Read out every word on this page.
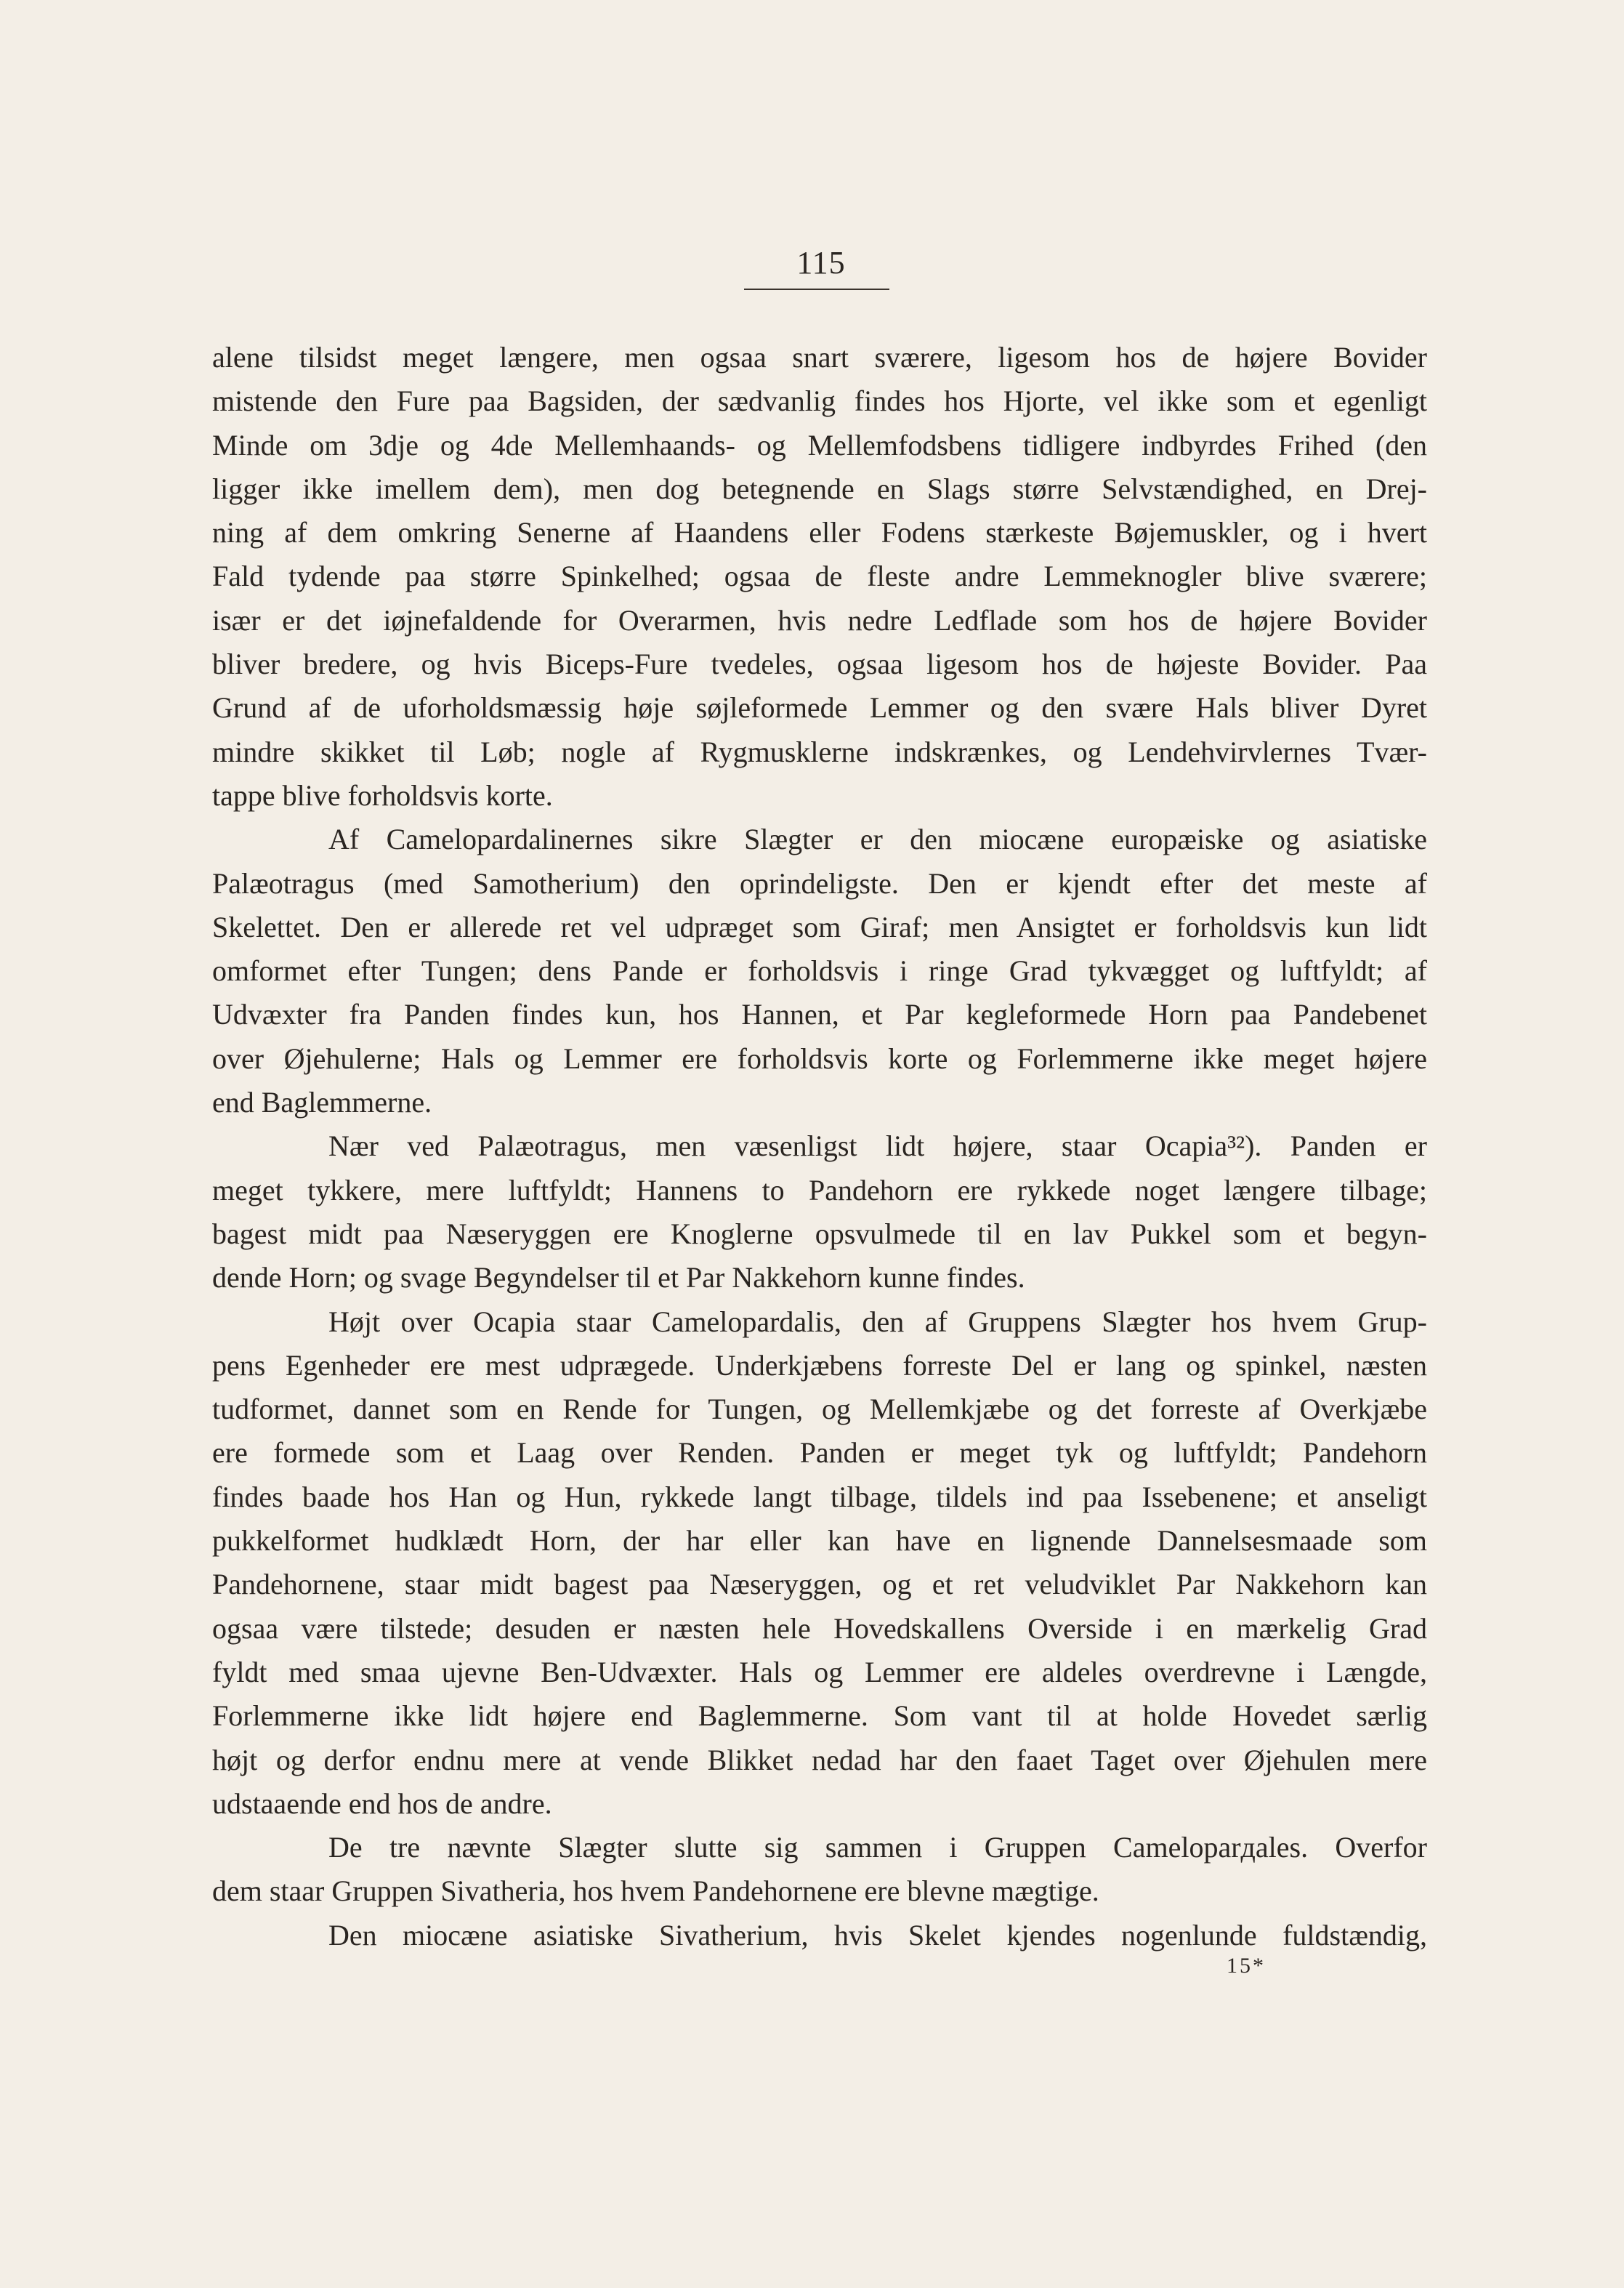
115
alene tilsidst meget længere, men ogsaa snart sværere, ligesom hos de højere Bovider
mistende den Fure paa Bagsiden, der sædvanlig findes hos Hjorte, vel ikke som et egenligt
Minde om 3dje og 4de Mellemhaands- og Mellemfodsbens tidligere indbyrdes Frihed (den
ligger ikke imellem dem), men dog betegnende en Slags større Selvstændighed, en Drej-
ning af dem omkring Senerne af Haandens eller Fodens stærkeste Bøjemuskler, og i hvert
Fald tydende paa større Spinkelhed; ogsaa de fleste andre Lemmeknogler blive sværere;
især er det iøjnefaldende for Overarmen, hvis nedre Ledflade som hos de højere Bovider
bliver bredere, og hvis Biceps-Fure tvedeles, ogsaa ligesom hos de højeste Bovider. Paa
Grund af de uforholdsmæssig høje søjleformede Lemmer og den svære Hals bliver Dyret
mindre skikket til Løb; nogle af Rygmusklerne indskrænkes, og Lendehvirvlernes Tvær-
tappe blive forholdsvis korte.
Af Camelopardalinernes sikre Slægter er den miocæne europæiske og asiatiske
Palæotragus (med Samotherium) den oprindeligste. Den er kjendt efter det meste af
Skelettet. Den er allerede ret vel udpræget som Giraf; men Ansigtet er forholdsvis kun lidt
omformet efter Tungen; dens Pande er forholdsvis i ringe Grad tykvægget og luftfyldt; af
Udvæxter fra Panden findes kun, hos Hannen, et Par kegleformede Horn paa Pandebenet
over Øjehulerne; Hals og Lemmer ere forholdsvis korte og Forlemmerne ikke meget højere
end Baglemmerne.
Nær ved Palæotragus, men væsenligst lidt højere, staar Ocapia³²). Panden er
meget tykkere, mere luftfyldt; Hannens to Pandehorn ere rykkede noget længere tilbage;
bagest midt paa Næseryggen ere Knoglerne opsvulmede til en lav Pukkel som et begyn-
dende Horn; og svage Begyndelser til et Par Nakkehorn kunne findes.
Højt over Ocapia staar Camelopardalis, den af Gruppens Slægter hos hvem Grup-
pens Egenheder ere mest udprægede. Underkjæbens forreste Del er lang og spinkel, næsten
tudformet, dannet som en Rende for Tungen, og Mellemkjæbe og det forreste af Overkjæbe
ere formede som et Laag over Renden. Panden er meget tyk og luftfyldt; Pandehorn
findes baade hos Han og Hun, rykkede langt tilbage, tildels ind paa Issebenene; et anseligt
pukkelformet hudklædt Horn, der har eller kan have en lignende Dannelsesmaade som
Pandehornene, staar midt bagest paa Næseryggen, og et ret veludviklet Par Nakkehorn kan
ogsaa være tilstede; desuden er næsten hele Hovedskallens Overside i en mærkelig Grad
fyldt med smaa ujevne Ben-Udvæxter. Hals og Lemmer ere aldeles overdrevne i Længde,
Forlemmerne ikke lidt højere end Baglemmerne. Som vant til at holde Hovedet særlig
højt og derfor endnu mere at vende Blikket nedad har den faaet Taget over Øjehulen mere
udstaaende end hos de andre.
De tre nævnte Slægter slutte sig sammen i Gruppen Cameloparдales. Overfor
dem staar Gruppen Sivatheria, hos hvem Pandehornene ere blevne mægtige.
Den miocæne asiatiske Sivatherium, hvis Skelet kjendes nogenlunde fuldstændig,
15*
